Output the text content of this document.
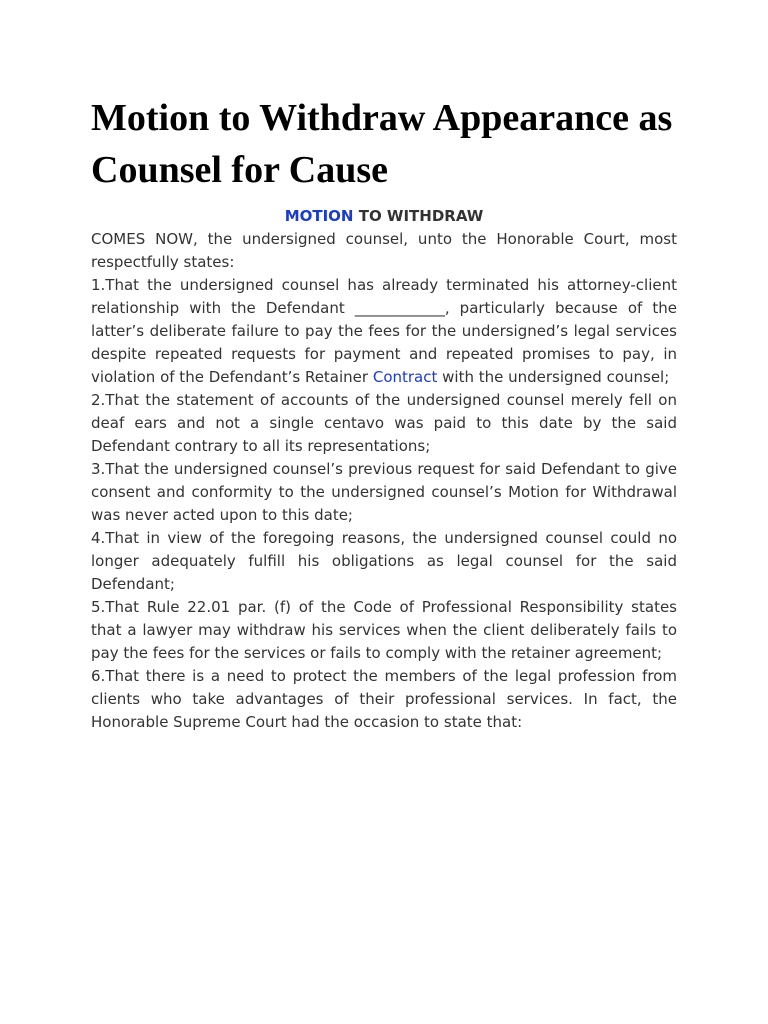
Motion to Withdraw Appearance as Counsel for Cause
MOTION TO WITHDRAW

COMES NOW, the undersigned counsel, unto the Honorable Court, most respectfully states:

1.That the undersigned counsel has already terminated his attorney-client relationship with the Defendant ____________, particularly because of the latter’s deliberate failure to pay the fees for the undersigned’s legal services despite repeated requests for payment and repeated promises to pay, in violation of the Defendant’s Retainer Contract with the undersigned counsel;

2.That the statement of accounts of the undersigned counsel merely fell on deaf ears and not a single centavo was paid to this date by the said Defendant contrary to all its representations;

3.That the undersigned counsel’s previous request for said Defendant to give consent and conformity to the undersigned counsel’s Motion for Withdrawal was never acted upon to this date;

4.That in view of the foregoing reasons, the undersigned counsel could no longer adequately fulfill his obligations as legal counsel for the said Defendant;

5.That Rule 22.01 par. (f) of the Code of Professional Responsibility states that a lawyer may withdraw his services when the client deliberately fails to pay the fees for the services or fails to comply with the retainer agreement;

6.That there is a need to protect the members of the legal profession from clients who take advantages of their professional services. In fact, the Honorable Supreme Court had the occasion to state that:
